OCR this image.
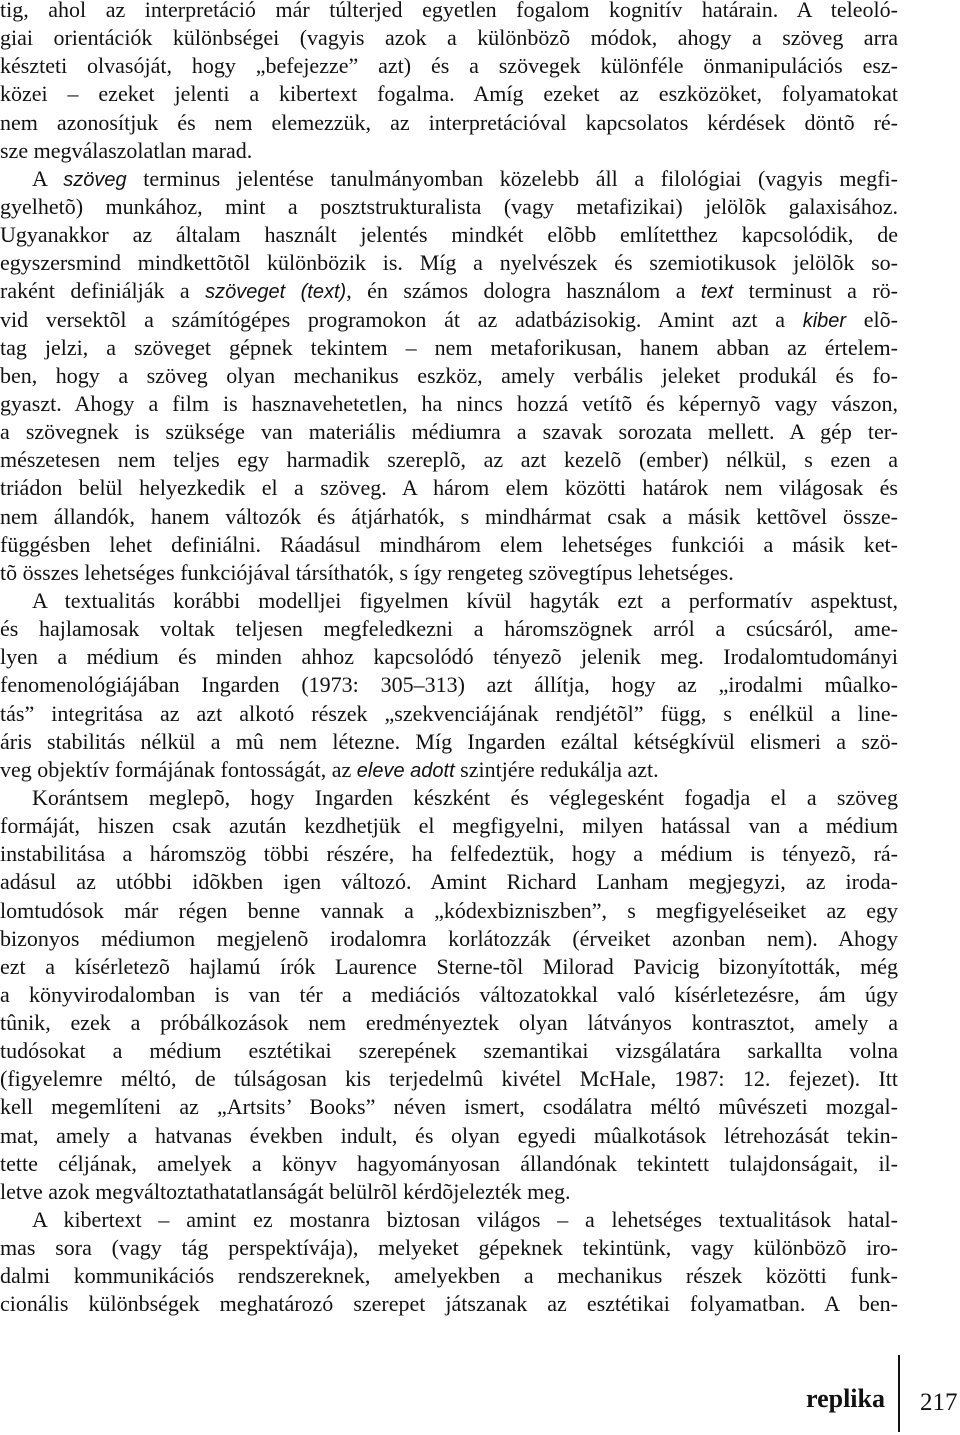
tig, ahol az interpretáció már túlterjed egyetlen fogalom kognitív határain. A teleoló-
giai orientációk különbségei (vagyis azok a különbözõ módok, ahogy a szöveg arra
készteti olvasóját, hogy „befejezze” azt) és a szövegek különféle önmanipulációs esz-
közei – ezeket jelenti a kibertext fogalma. Amíg ezeket az eszközöket, folyamatokat
nem azonosítjuk és nem elemezzük, az interpretációval kapcsolatos kérdések döntõ ré-
sze megválaszolatlan marad.
A szöveg terminus jelentése tanulmányomban közelebb áll a filológiai (vagyis megfi-
gyelhetõ) munkához, mint a posztstrukturalista (vagy metafizikai) jelölõk galaxisához.
Ugyanakkor az általam használt jelentés mindkét elõbb említetthez kapcsolódik, de
egyszersmind mindkettõtõl különbözik is. Míg a nyelvészek és szemiotikusok jelölõk so-
raként definiálják a szöveget (text), én számos dologra használom a text terminust a rö-
vid versektõl a számítógépes programokon át az adatbázisokig. Amint azt a kiber elõ-
tag jelzi, a szöveget gépnek tekintem – nem metaforikusan, hanem abban az értelem-
ben, hogy a szöveg olyan mechanikus eszköz, amely verbális jeleket produkál és fo-
gyaszt. Ahogy a film is hasznavehetetlen, ha nincs hozzá vetítõ és képernyõ vagy vászon,
a szövegnek is szüksége van materiális médiumra a szavak sorozata mellett. A gép ter-
mészetesen nem teljes egy harmadik szereplõ, az azt kezelõ (ember) nélkül, s ezen a
triádon belül helyezkedik el a szöveg. A három elem közötti határok nem világosak és
nem állandók, hanem változók és átjárhatók, s mindhármat csak a másik kettõvel össze-
függésben lehet definiálni. Ráadásul mindhárom elem lehetséges funkciói a másik ket-
tõ összes lehetséges funkciójával társíthatók, s így rengeteg szövegtípus lehetséges.
A textualitás korábbi modelljei figyelmen kívül hagyták ezt a performatív aspektust,
és hajlamosak voltak teljesen megfeledkezni a háromszögnek arról a csúcsáról, ame-
lyen a médium és minden ahhoz kapcsolódó tényezõ jelenik meg. Irodalomtudományi
fenomenológiájában Ingarden (1973: 305–313) azt állítja, hogy az „irodalmi mûalko-
tás” integritása az azt alkotó részek „szekvenciájának rendjétõl” függ, s enélkül a line-
áris stabilitás nélkül a mû nem létezne. Míg Ingarden ezáltal kétségkívül elismeri a szö-
veg objektív formájának fontosságát, az eleve adott szintjére redukálja azt.
Korántsem meglepõ, hogy Ingarden készként és véglegesként fogadja el a szöveg
formáját, hiszen csak azután kezdhetjük el megfigyelni, milyen hatással van a médium
instabilitása a háromszög többi részére, ha felfedeztük, hogy a médium is tényezõ, rá-
adásul az utóbbi idõkben igen változó. Amint Richard Lanham megjegyzi, az iroda-
lomtudósok már régen benne vannak a „kódexbizniszben”, s megfigyeléseiket az egy
bizonyos médiumon megjelenõ irodalomra korlátozzák (érveiket azonban nem). Ahogy
ezt a kísérletezõ hajlamú írók Laurence Sterne-tõl Milorad Pavicig bizonyították, még
a könyvirodalomban is van tér a mediációs változatokkal való kísérletezésre, ám úgy
tûnik, ezek a próbálkozások nem eredményeztek olyan látványos kontrasztot, amely a
tudósokat a médium esztétikai szerepének szemantikai vizsgálatára sarkallta volna
(figyelemre méltó, de túlságosan kis terjedelmû kivétel McHale, 1987: 12. fejezet). Itt
kell megemlíteni az „Artsits’ Books” néven ismert, csodálatra méltó mûvészeti mozgal-
mat, amely a hatvanas években indult, és olyan egyedi mûalkotások létrehozását tekin-
tette céljának, amelyek a könyv hagyományosan állandónak tekintett tulajdonságait, il-
letve azok megváltoztathatatlanságát belülrõl kérdõjelezték meg.
A kibertext – amint ez mostanra biztosan világos – a lehetséges textualitások hatal-
mas sora (vagy tág perspektívája), melyeket gépeknek tekintünk, vagy különbözõ iro-
dalmi kommunikációs rendszereknek, amelyekben a mechanikus részek közötti funk-
cionális különbségek meghatározó szerepet játszanak az esztétikai folyamatban. A ben-
replika 217
